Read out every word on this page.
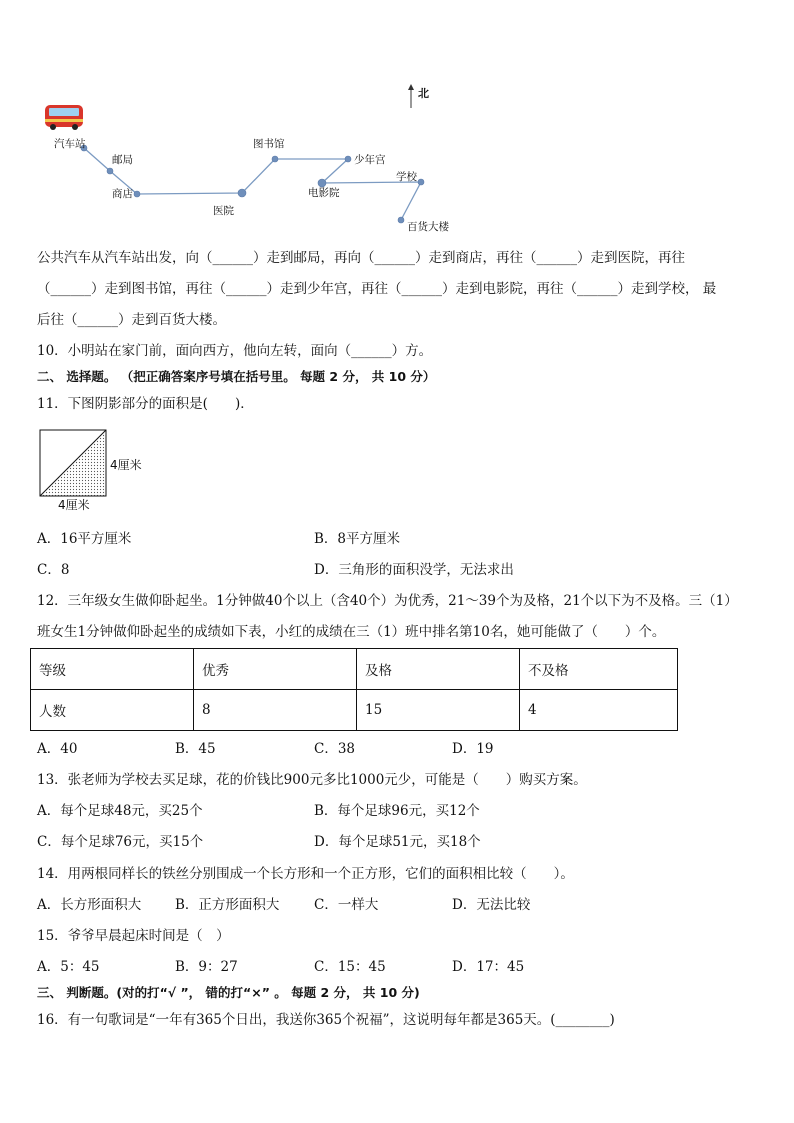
北
汽车站
邮局
商店
医院
图书馆
少年宫
电影院
学校
百货大楼
公共汽车从汽车站出发，向（______）走到邮局，再向（______）走到商店，再往（______）走到医院，再往
（______）走到图书馆，再往（______）走到少年宫，再往（______）走到电影院，再往（______）走到学校， 最
后往（______）走到百货大楼。
10．小明站在家门前，面向西方，他向左转，面向（______）方。
二、 选择题。 （把正确答案序号填在括号里。 每题 2 分， 共 10 分）
11．下图阴影部分的面积是(　　)．
4厘米
4厘米
A．16平方厘米	B．8平方厘米
C．8	D．三角形的面积没学，无法求出
12．三年级女生做仰卧起坐。1分钟做40个以上（含40个）为优秀，21～39个为及格，21个以下为不及格。三（1）
班女生1分钟做仰卧起坐的成绩如下表，小红的成绩在三（1）班中排名第10名，她可能做了（　　）个。
等级	优秀	及格	不及格
人数	8	15	4
A．40	B．45	C．38	D．19
13．张老师为学校去买足球，花的价钱比900元多比1000元少，可能是（　　）购买方案。
A．每个足球48元，买25个	B．每个足球96元，买12个
C．每个足球76元，买15个	D．每个足球51元，买18个
14．用两根同样长的铁丝分别围成一个长方形和一个正方形，它们的面积相比较（　　）。
A．长方形面积大	B．正方形面积大	C．一样大	D．无法比较
15．爷爷早晨起床时间是（　）
A．5：45	B．9：27	C．15：45	D．17：45
三、 判断题。(对的打“√ ”， 错的打“×” 。 每题 2 分， 共 10 分)
16．有一句歌词是“一年有365个日出，我送你365个祝福”，这说明每年都是365天。(________)
